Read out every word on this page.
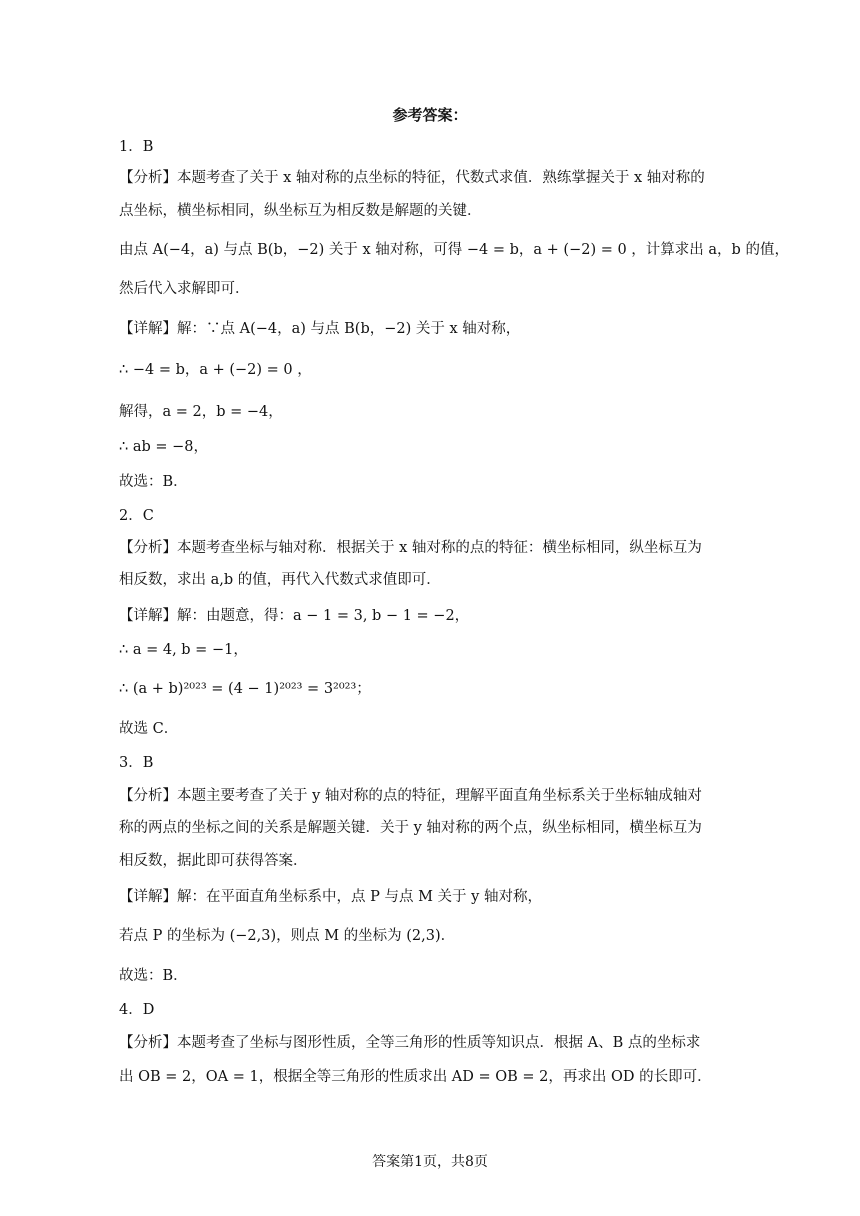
参考答案：
1．B
【分析】本题考查了关于 x 轴对称的点坐标的特征，代数式求值．熟练掌握关于 x 轴对称的
点坐标，横坐标相同，纵坐标互为相反数是解题的关键．
由点 A(−4，a) 与点 B(b，−2) 关于 x 轴对称，可得 −4 = b，a + (−2) = 0 ，计算求出 a，b 的值，
然后代入求解即可．
【详解】解：∵点 A(−4，a) 与点 B(b，−2) 关于 x 轴对称，
∴ −4 = b，a + (−2) = 0 ，
解得，a = 2，b = −4，
∴ ab = −8，
故选：B．
2．C
【分析】本题考查坐标与轴对称．根据关于 x 轴对称的点的特征：横坐标相同，纵坐标互为
相反数，求出 a,b 的值，再代入代数式求值即可．
【详解】解：由题意，得：a − 1 = 3, b − 1 = −2，
∴ a = 4, b = −1，
∴ (a + b)²⁰²³ = (4 − 1)²⁰²³ = 3²⁰²³；
故选 C．
3．B
【分析】本题主要考查了关于 y 轴对称的点的特征，理解平面直角坐标系关于坐标轴成轴对
称的两点的坐标之间的关系是解题关键．关于 y 轴对称的两个点，纵坐标相同，横坐标互为
相反数，据此即可获得答案．
【详解】解：在平面直角坐标系中，点 P 与点 M 关于 y 轴对称，
若点 P 的坐标为 (−2,3)，则点 M 的坐标为 (2,3)．
故选：B．
4．D
【分析】本题考查了坐标与图形性质，全等三角形的性质等知识点．根据 A、B 点的坐标求
出 OB = 2，OA = 1，根据全等三角形的性质求出 AD = OB = 2，再求出 OD 的长即可．
答案第1页，共8页
